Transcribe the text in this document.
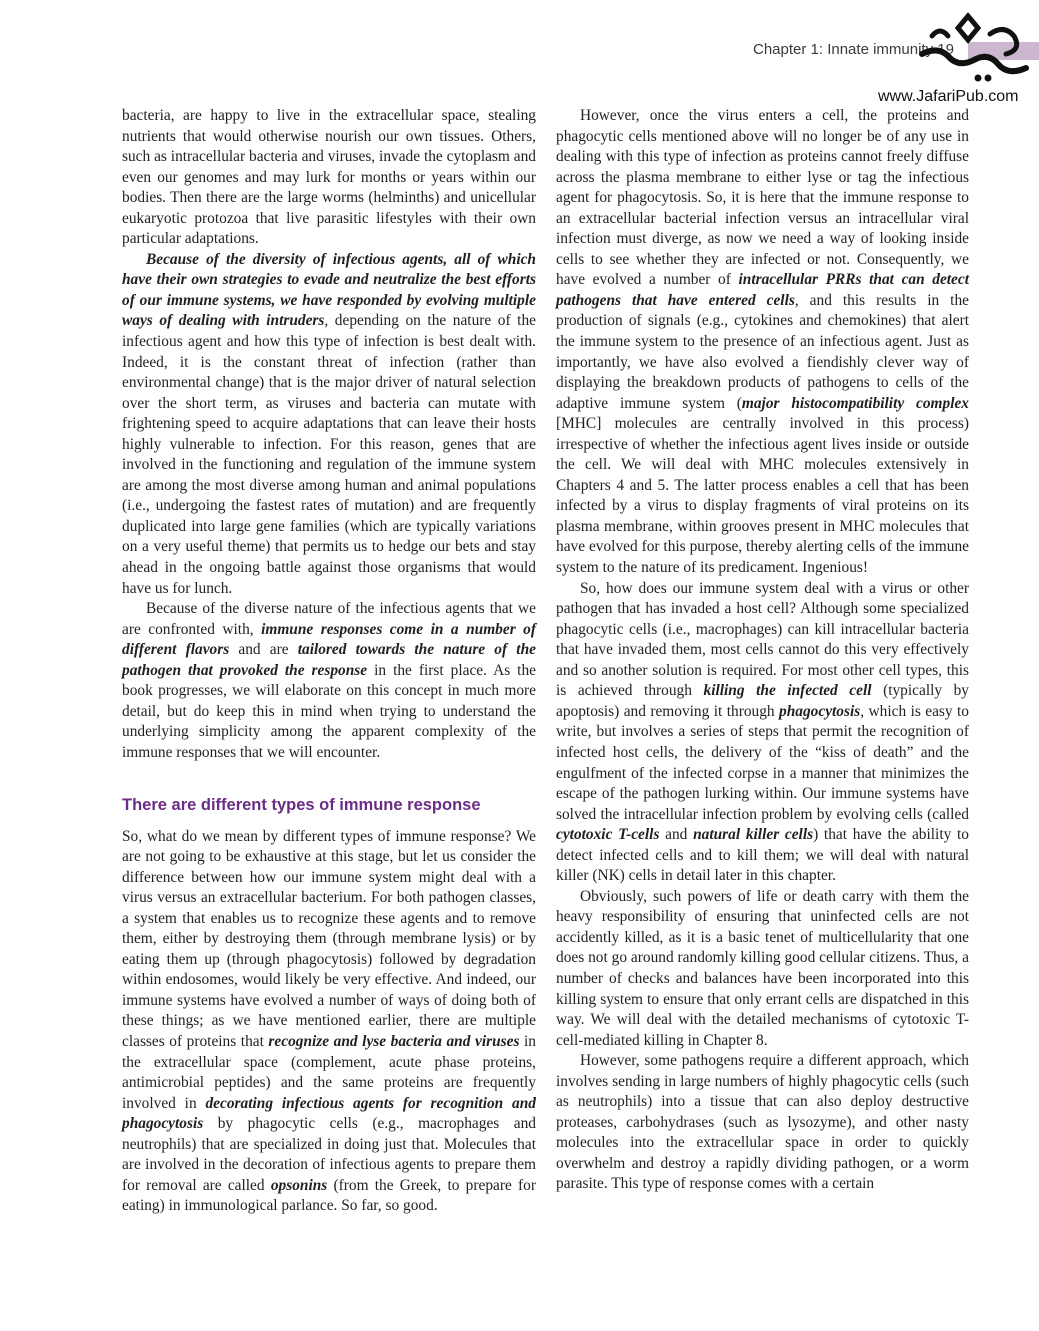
Chapter 1: Innate immunity 19
www.JafariPub.com

bacteria, are happy to live in the extracellular space, stealing nutrients that would otherwise nourish our own tissues. Others, such as intracellular bacteria and viruses, invade the cytoplasm and even our genomes and may lurk for months or years within our bodies. Then there are the large worms (helminths) and unicellular eukaryotic protozoa that live parasitic lifestyles with their own particular adaptations.

Because of the diversity of infectious agents, all of which have their own strategies to evade and neutralize the best efforts of our immune systems, we have responded by evolving multiple ways of dealing with intruders, depending on the nature of the infectious agent and how this type of infection is best dealt with. Indeed, it is the constant threat of infection (rather than environmental change) that is the major driver of natural selection over the short term, as viruses and bacteria can mutate with frightening speed to acquire adaptations that can leave their hosts highly vulnerable to infection. For this reason, genes that are involved in the functioning and regulation of the immune system are among the most diverse among human and animal populations (i.e., undergoing the fastest rates of mutation) and are frequently duplicated into large gene families (which are typically variations on a very useful theme) that permits us to hedge our bets and stay ahead in the ongoing battle against those organisms that would have us for lunch.

Because of the diverse nature of the infectious agents that we are confronted with, immune responses come in a number of different flavors and are tailored towards the nature of the pathogen that provoked the response in the first place. As the book progresses, we will elaborate on this concept in much more detail, but do keep this in mind when trying to understand the underlying simplicity among the apparent complexity of the immune responses that we will encounter.

There are different types of immune response

So, what do we mean by different types of immune response? We are not going to be exhaustive at this stage, but let us consider the difference between how our immune system might deal with a virus versus an extracellular bacterium. For both pathogen classes, a system that enables us to recognize these agents and to remove them, either by destroying them (through membrane lysis) or by eating them up (through phagocytosis) followed by degradation within endosomes, would likely be very effective. And indeed, our immune systems have evolved a number of ways of doing both of these things; as we have mentioned earlier, there are multiple classes of proteins that recognize and lyse bacteria and viruses in the extracellular space (complement, acute phase proteins, antimicrobial peptides) and the same proteins are frequently involved in decorating infectious agents for recognition and phagocytosis by phagocytic cells (e.g., macrophages and neutrophils) that are specialized in doing just that. Molecules that are involved in the decoration of infectious agents to prepare them for removal are called opsonins (from the Greek, to prepare for eating) in immunological parlance. So far, so good.

However, once the virus enters a cell, the proteins and phagocytic cells mentioned above will no longer be of any use in dealing with this type of infection as proteins cannot freely diffuse across the plasma membrane to either lyse or tag the infectious agent for phagocytosis. So, it is here that the immune response to an extracellular bacterial infection versus an intracellular viral infection must diverge, as now we need a way of looking inside cells to see whether they are infected or not. Consequently, we have evolved a number of intracellular PRRs that can detect pathogens that have entered cells, and this results in the production of signals (e.g., cytokines and chemokines) that alert the immune system to the presence of an infectious agent. Just as importantly, we have also evolved a fiendishly clever way of displaying the breakdown products of pathogens to cells of the adaptive immune system (major histocompatibility complex [MHC] molecules are centrally involved in this process) irrespective of whether the infectious agent lives inside or outside the cell. We will deal with MHC molecules extensively in Chapters 4 and 5. The latter process enables a cell that has been infected by a virus to display fragments of viral proteins on its plasma membrane, within grooves present in MHC molecules that have evolved for this purpose, thereby alerting cells of the immune system to the nature of its predicament. Ingenious!

So, how does our immune system deal with a virus or other pathogen that has invaded a host cell? Although some specialized phagocytic cells (i.e., macrophages) can kill intracellular bacteria that have invaded them, most cells cannot do this very effectively and so another solution is required. For most other cell types, this is achieved through killing the infected cell (typically by apoptosis) and removing it through phagocytosis, which is easy to write, but involves a series of steps that permit the recognition of infected host cells, the delivery of the “kiss of death” and the engulfment of the infected corpse in a manner that minimizes the escape of the pathogen lurking within. Our immune systems have solved the intracellular infection problem by evolving cells (called cytotoxic T-cells and natural killer cells) that have the ability to detect infected cells and to kill them; we will deal with natural killer (NK) cells in detail later in this chapter.

Obviously, such powers of life or death carry with them the heavy responsibility of ensuring that uninfected cells are not accidently killed, as it is a basic tenet of multicellularity that one does not go around randomly killing good cellular citizens. Thus, a number of checks and balances have been incorporated into this killing system to ensure that only errant cells are dispatched in this way. We will deal with the detailed mechanisms of cytotoxic T-cell-mediated killing in Chapter 8.

However, some pathogens require a different approach, which involves sending in large numbers of highly phagocytic cells (such as neutrophils) into a tissue that can also deploy destructive proteases, carbohydrases (such as lysozyme), and other nasty molecules into the extracellular space in order to quickly overwhelm and destroy a rapidly dividing pathogen, or a worm parasite. This type of response comes with a certain
